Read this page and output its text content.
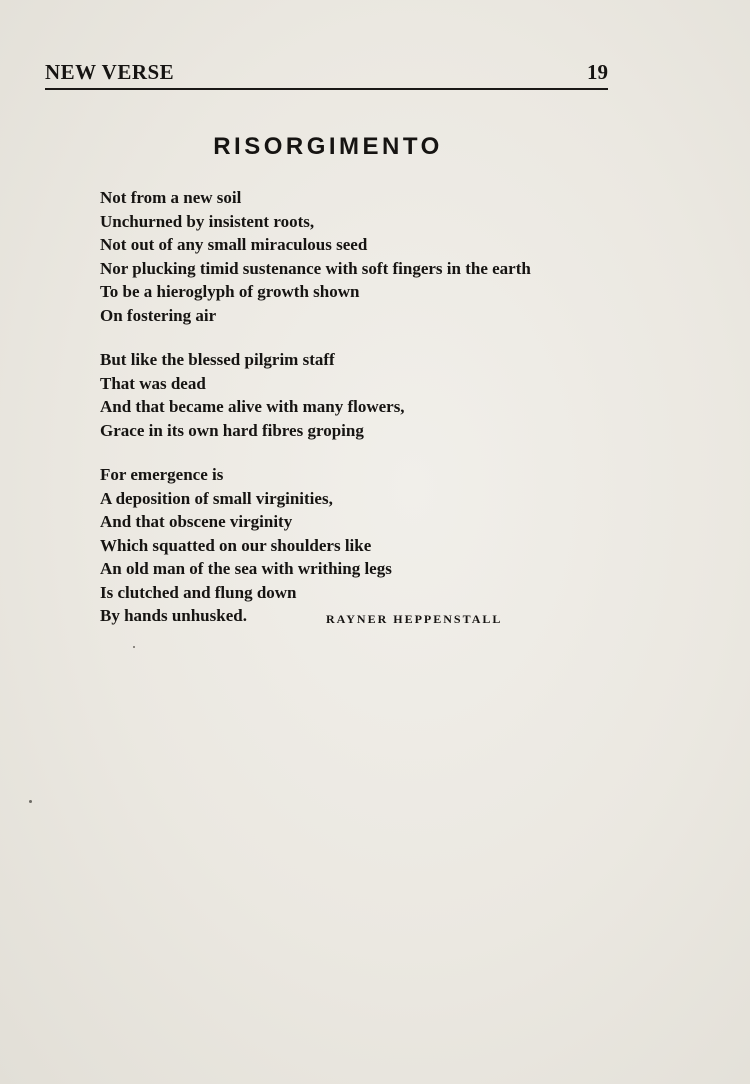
NEW VERSE	19
RISORGIMENTO
Not from a new soil
Unchurned by insistent roots,
Not out of any small miraculous seed
Nor plucking timid sustenance with soft fingers in the earth
To be a hieroglyph of growth shown
On fostering air
But like the blessed pilgrim staff
That was dead
And that became alive with many flowers,
Grace in its own hard fibres groping
For emergence is
A deposition of small virginities,
And that obscene virginity
Which squatted on our shoulders like
An old man of the sea with writhing legs
Is clutched and flung down
By hands unhusked.	RAYNER HEPPENSTALL
